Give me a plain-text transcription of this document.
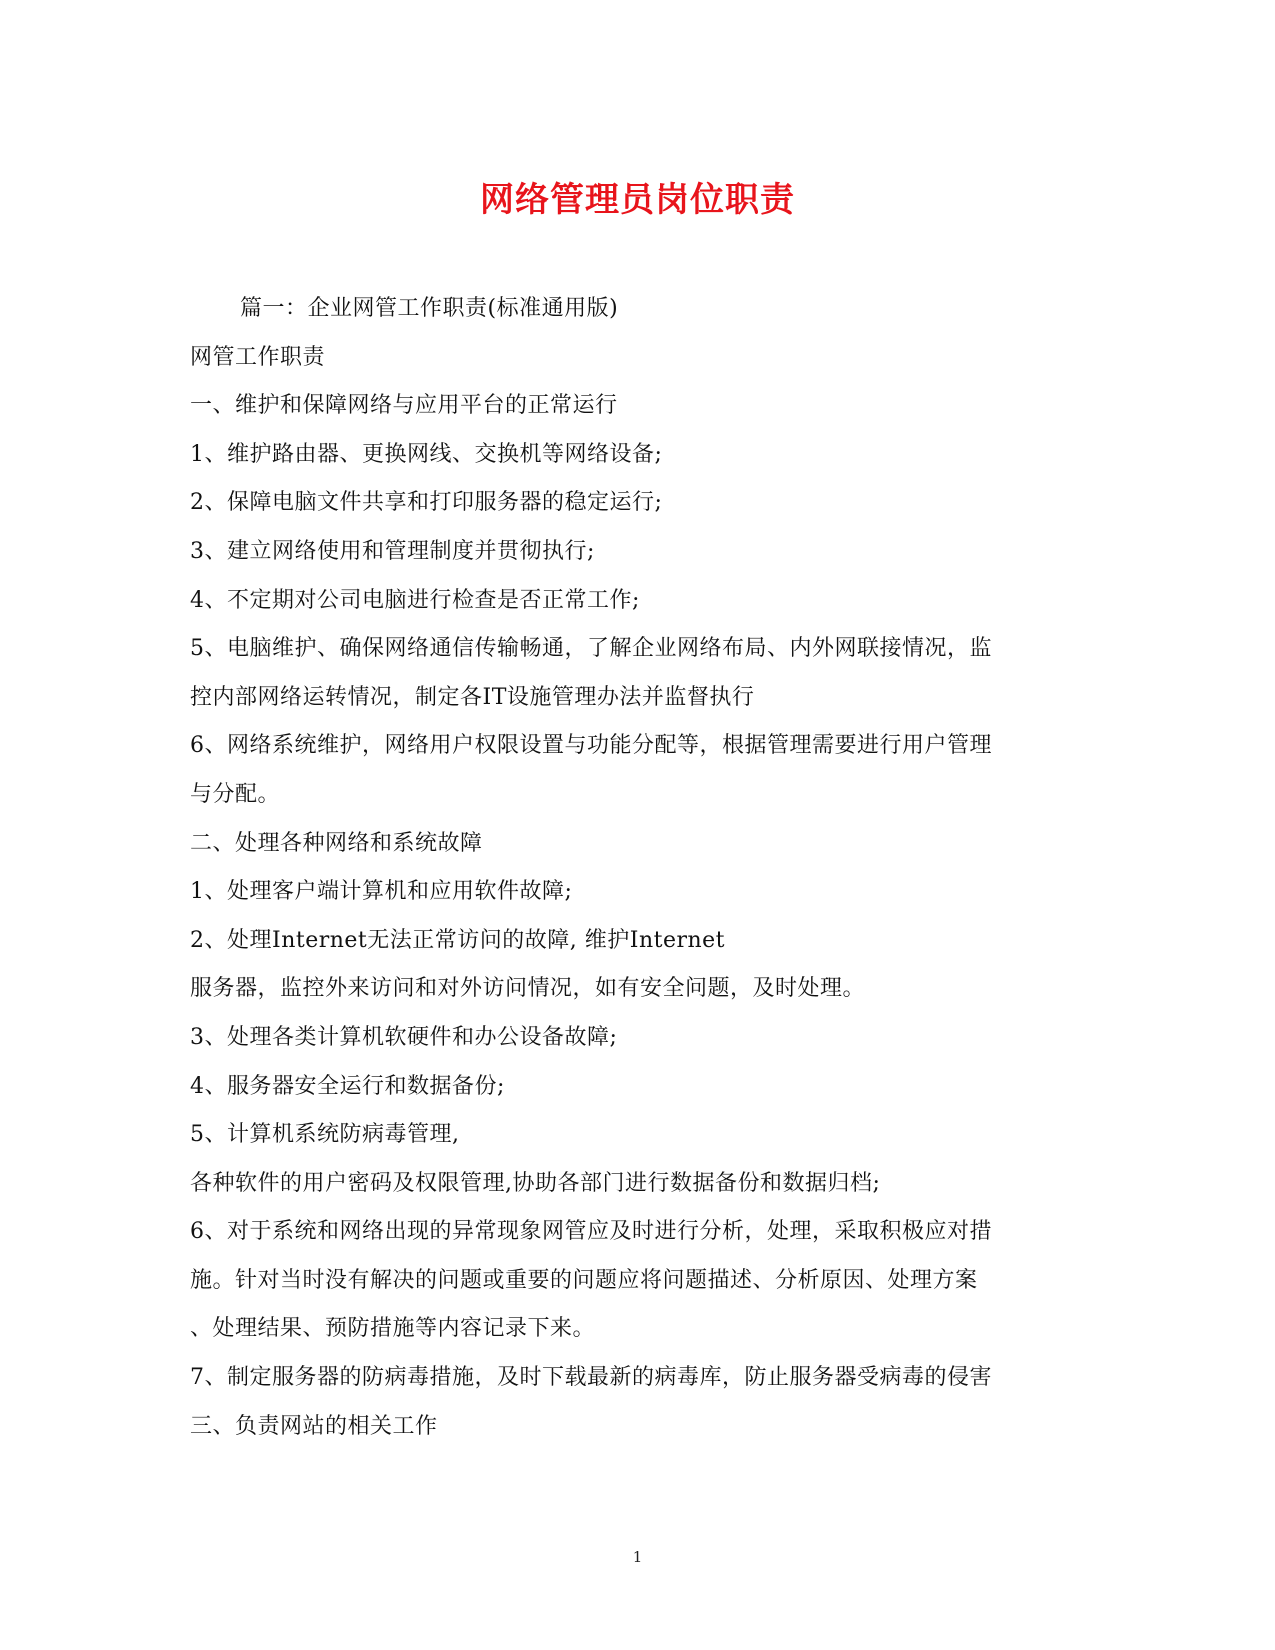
网络管理员岗位职责
篇一：企业网管工作职责(标准通用版)
网管工作职责
一、维护和保障网络与应用平台的正常运行
1、维护路由器、更换网线、交换机等网络设备;
2、保障电脑文件共享和打印服务器的稳定运行;
3、建立网络使用和管理制度并贯彻执行;
4、不定期对公司电脑进行检查是否正常工作;
5、电脑维护、确保网络通信传输畅通，了解企业网络布局、内外网联接情况，监
控内部网络运转情况，制定各IT设施管理办法并监督执行
6、网络系统维护，网络用户权限设置与功能分配等，根据管理需要进行用户管理
与分配。
二、处理各种网络和系统故障
1、处理客户端计算机和应用软件故障;
2、处理Internet无法正常访问的故障, 维护Internet
服务器，监控外来访问和对外访问情况，如有安全问题，及时处理。
3、处理各类计算机软硬件和办公设备故障;
4、服务器安全运行和数据备份;
5、计算机系统防病毒管理,
各种软件的用户密码及权限管理,协助各部门进行数据备份和数据归档;
6、对于系统和网络出现的异常现象网管应及时进行分析，处理，采取积极应对措
施。针对当时没有解决的问题或重要的问题应将问题描述、分析原因、处理方案
、处理结果、预防措施等内容记录下来。
7、制定服务器的防病毒措施，及时下载最新的病毒库，防止服务器受病毒的侵害
三、负责网站的相关工作
1
